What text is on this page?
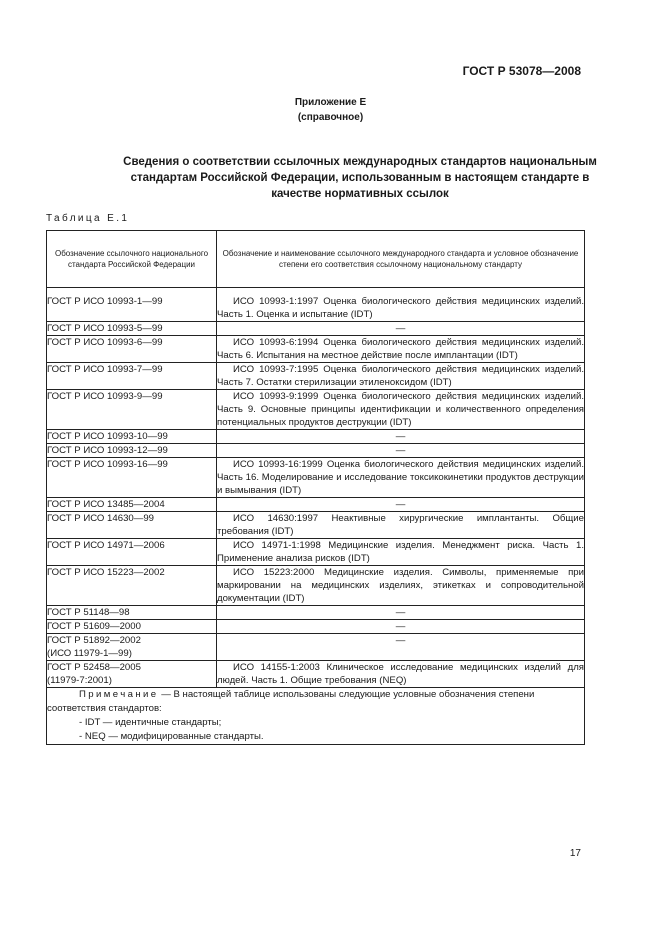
ГОСТ Р 53078—2008
Приложение Е
(справочное)
Сведения о соответствии ссылочных международных стандартов национальным стандартам Российской Федерации, использованным в настоящем стандарте в качестве нормативных ссылок
Таблица Е.1
Обозначение ссылочного национального стандарта Российской Федерации	Обозначение и наименование ссылочного международного стандарта и условное обозначение степени его соответствия ссылочному национальному стандарту
ГОСТ Р ИСО 10993-1—99	ИСО 10993-1:1997 Оценка биологического действия медицинских изделий. Часть 1. Оценка и испытание (IDT)
ГОСТ Р ИСО 10993-5—99	—
ГОСТ Р ИСО 10993-6—99	ИСО 10993-6:1994 Оценка биологического действия медицинских изделий. Часть 6. Испытания на местное действие после имплантации (IDT)
ГОСТ Р ИСО 10993-7—99	ИСО 10993-7:1995 Оценка биологического действия медицинских изделий. Часть 7. Остатки стерилизации этиленоксидом (IDT)
ГОСТ Р ИСО 10993-9—99	ИСО 10993-9:1999 Оценка биологического действия медицинских изделий. Часть 9. Основные принципы идентификации и количественного определения потенциальных продуктов деструкции (IDT)
ГОСТ Р ИСО 10993-10—99	—
ГОСТ Р ИСО 10993-12—99	—
ГОСТ Р ИСО 10993-16—99	ИСО 10993-16:1999 Оценка биологического действия медицинских изделий. Часть 16. Моделирование и исследование токсикокинетики продуктов деструкции и вымывания (IDT)
ГОСТ Р ИСО 13485—2004	—
ГОСТ Р ИСО 14630—99	ИСО 14630:1997 Неактивные хирургические имплантанты. Общие требования (IDT)
ГОСТ Р ИСО 14971—2006	ИСО 14971-1:1998 Медицинские изделия. Менеджмент риска. Часть 1. Применение анализа рисков (IDT)
ГОСТ Р ИСО 15223—2002	ИСО 15223:2000 Медицинские изделия. Символы, применяемые при маркировании на медицинских изделиях, этикетках и сопроводительной документации (IDT)
ГОСТ Р 51148—98	—
ГОСТ Р 51609—2000	—
ГОСТ Р 51892—2002
(ИСО 11979-1—99)	—
ГОСТ Р 52458—2005
(11979-7:2001)	ИСО 14155-1:2003 Клиническое исследование медицинских изделий для людей. Часть 1. Общие требования (NEQ)

Примечание — В настоящей таблице использованы следующие условные обозначения степени соответствия стандартов:
- IDT — идентичные стандарты;
- NEQ — модифицированные стандарты.	
17
